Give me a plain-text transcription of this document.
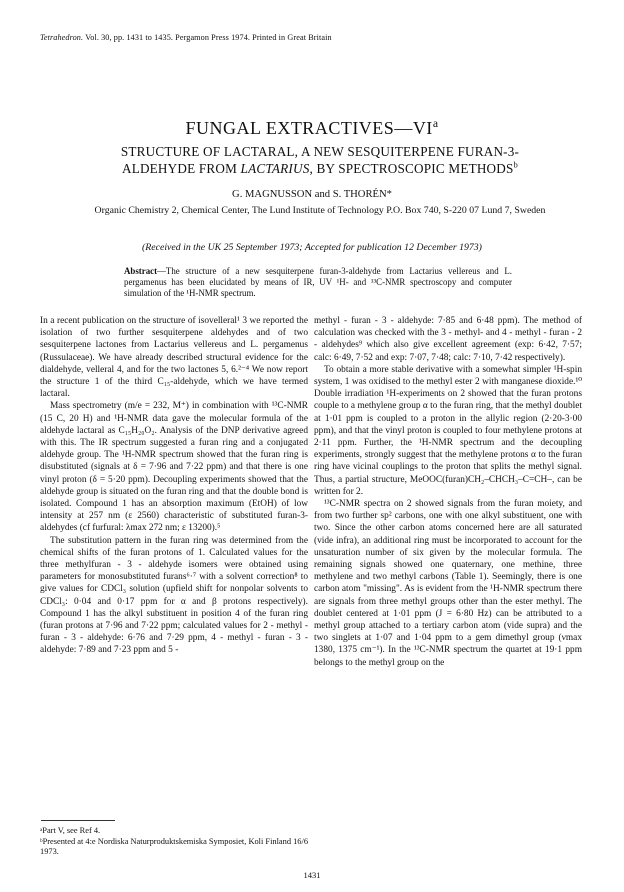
Tetrahedron. Vol. 30, pp. 1431 to 1435. Pergamon Press 1974. Printed in Great Britain
FUNGAL $EXTRACTIVES—VI^a$
STRUCTURE OF LACTARAL, A NEW SESQUITERPENE FURAN-3-
ALDEHYDE FROM LACTARIUS, BY SPECTROSCOPIC METHODS$^b$
G. MAGNUSSON and S. THORÉN*
Organic Chemistry 2, Chemical Center, The Lund Institute of Technology P.O. Box 740, S-220 07 Lund 7, Sweden
(Received in the UK 25 September 1973; Accepted for publication 12 December 1973)
Abstract—The structure of a new sesquiterpene furan-3-aldehyde from Lactarius vellereus and L. pergamenus has been elucidated by means of IR, UV ¹H- and ¹³C-NMR spectroscopy and computer simulation of the ¹H-NMR spectrum.

In a recent publication on the structure of isovelleral¹ 3 we reported the isolation of two further sesquiterpene aldehydes and of two sesquiterpene lactones from Lactarius vellereus and L. pergamenus (Russulaceae). We have already described structural evidence for the dialdehyde, velleral 4, and for the two lactones 5, 6.²⁻⁴ We now report the structure 1 of the third C₁₅-aldehyde, which we have termed lactaral.

Mass spectrometry (m/e = 232, M⁺) in combination with ¹³C-NMR (15 C, 20 H) and ¹H-NMR data gave the molecular formula of the aldehyde lactaral as C₁₅H₂₀O₂. Analysis of the DNP derivative agreed with this. The IR spectrum suggested a furan ring and a conjugated aldehyde group. The ¹H-NMR spectrum showed that the furan ring is disubstituted (signals at δ = 7·96 and 7·22 ppm) and that there is one vinyl proton (δ = 5·20 ppm). Decoupling experiments showed that the aldehyde group is situated on the furan ring and that the double bond is isolated. Compound 1 has an absorption maximum (EtOH) of low intensity at 257 nm (ε 2560) characteristic of substituted furan-3-aldehydes (cf furfural: λmax 272 nm; ε 13200).⁵

The substitution pattern in the furan ring was determined from the chemical shifts of the furan protons of 1. Calculated values for the three methylfuran - 3 - aldehyde isomers were obtained using parameters for monosubstituted furans⁶·⁷ with a solvent correction⁸ to give values for CDCl₃ solution (upfield shift for nonpolar solvents to CDCl₃: 0·04 and 0·17 ppm for α and β protons respectively). Compound 1 has the alkyl substituent in position 4 of the furan ring (furan protons at 7·96 and 7·22 ppm; calculated values for 2 - methyl - furan - 3 - aldehyde: 6·76 and 7·29 ppm, 4 - methyl - furan - 3 - aldehyde: 7·89 and 7·23 ppm and 5 -

methyl - furan - 3 - aldehyde: 7·85 and 6·48 ppm). The method of calculation was checked with the 3 - methyl- and 4 - methyl - furan - 2 - aldehydes⁹ which also give excellent agreement (exp: 6·42, 7·57; calc: 6·49, 7·52 and exp: 7·07, 7·48; calc: 7·10, 7·42 respectively).

To obtain a more stable derivative with a somewhat simpler ¹H-spin system, 1 was oxidised to the methyl ester 2 with manganese dioxide.¹⁰ Double irradiation ¹H-experiments on 2 showed that the furan protons couple to a methylene group α to the furan ring, that the methyl doublet at 1·01 ppm is coupled to a proton in the allylic region (2·20-3·00 ppm), and that the vinyl proton is coupled to four methylene protons at 2·11 ppm. Further, the ¹H-NMR spectrum and the decoupling experiments, strongly suggest that the methylene protons α to the furan ring have vicinal couplings to the proton that splits the methyl signal. Thus, a partial structure, MeOOC(furan)CH₂–CHCH₃–C=CH–, can be written for 2.

¹³C-NMR spectra on 2 showed signals from the furan moiety, and from two further sp² carbons, one with one alkyl substituent, one with two. Since the other carbon atoms concerned here are all saturated (vide infra), an additional ring must be incorporated to account for the unsaturation number of six given by the molecular formula. The remaining signals showed one quaternary, one methine, three methylene and two methyl carbons (Table 1). Seemingly, there is one carbon atom "missing". As is evident from the ¹H-NMR spectrum there are signals from three methyl groups other than the ester methyl. The doublet centered at 1·01 ppm (J = 6·80 Hz) can be attributed to a methyl group attached to a tertiary carbon atom (vide supra) and the two singlets at 1·07 and 1·04 ppm to a gem dimethyl group (νmax 1380, 1375 cm⁻¹). In the ¹³C-NMR spectrum the quartet at 19·1 ppm belongs to the methyl group on the

ᵃPart V, see Ref 4.
ᵇPresented at 4:e Nordiska Naturproduktskemiska Symposiet, Koli Finland 16/6 1973.
1431
